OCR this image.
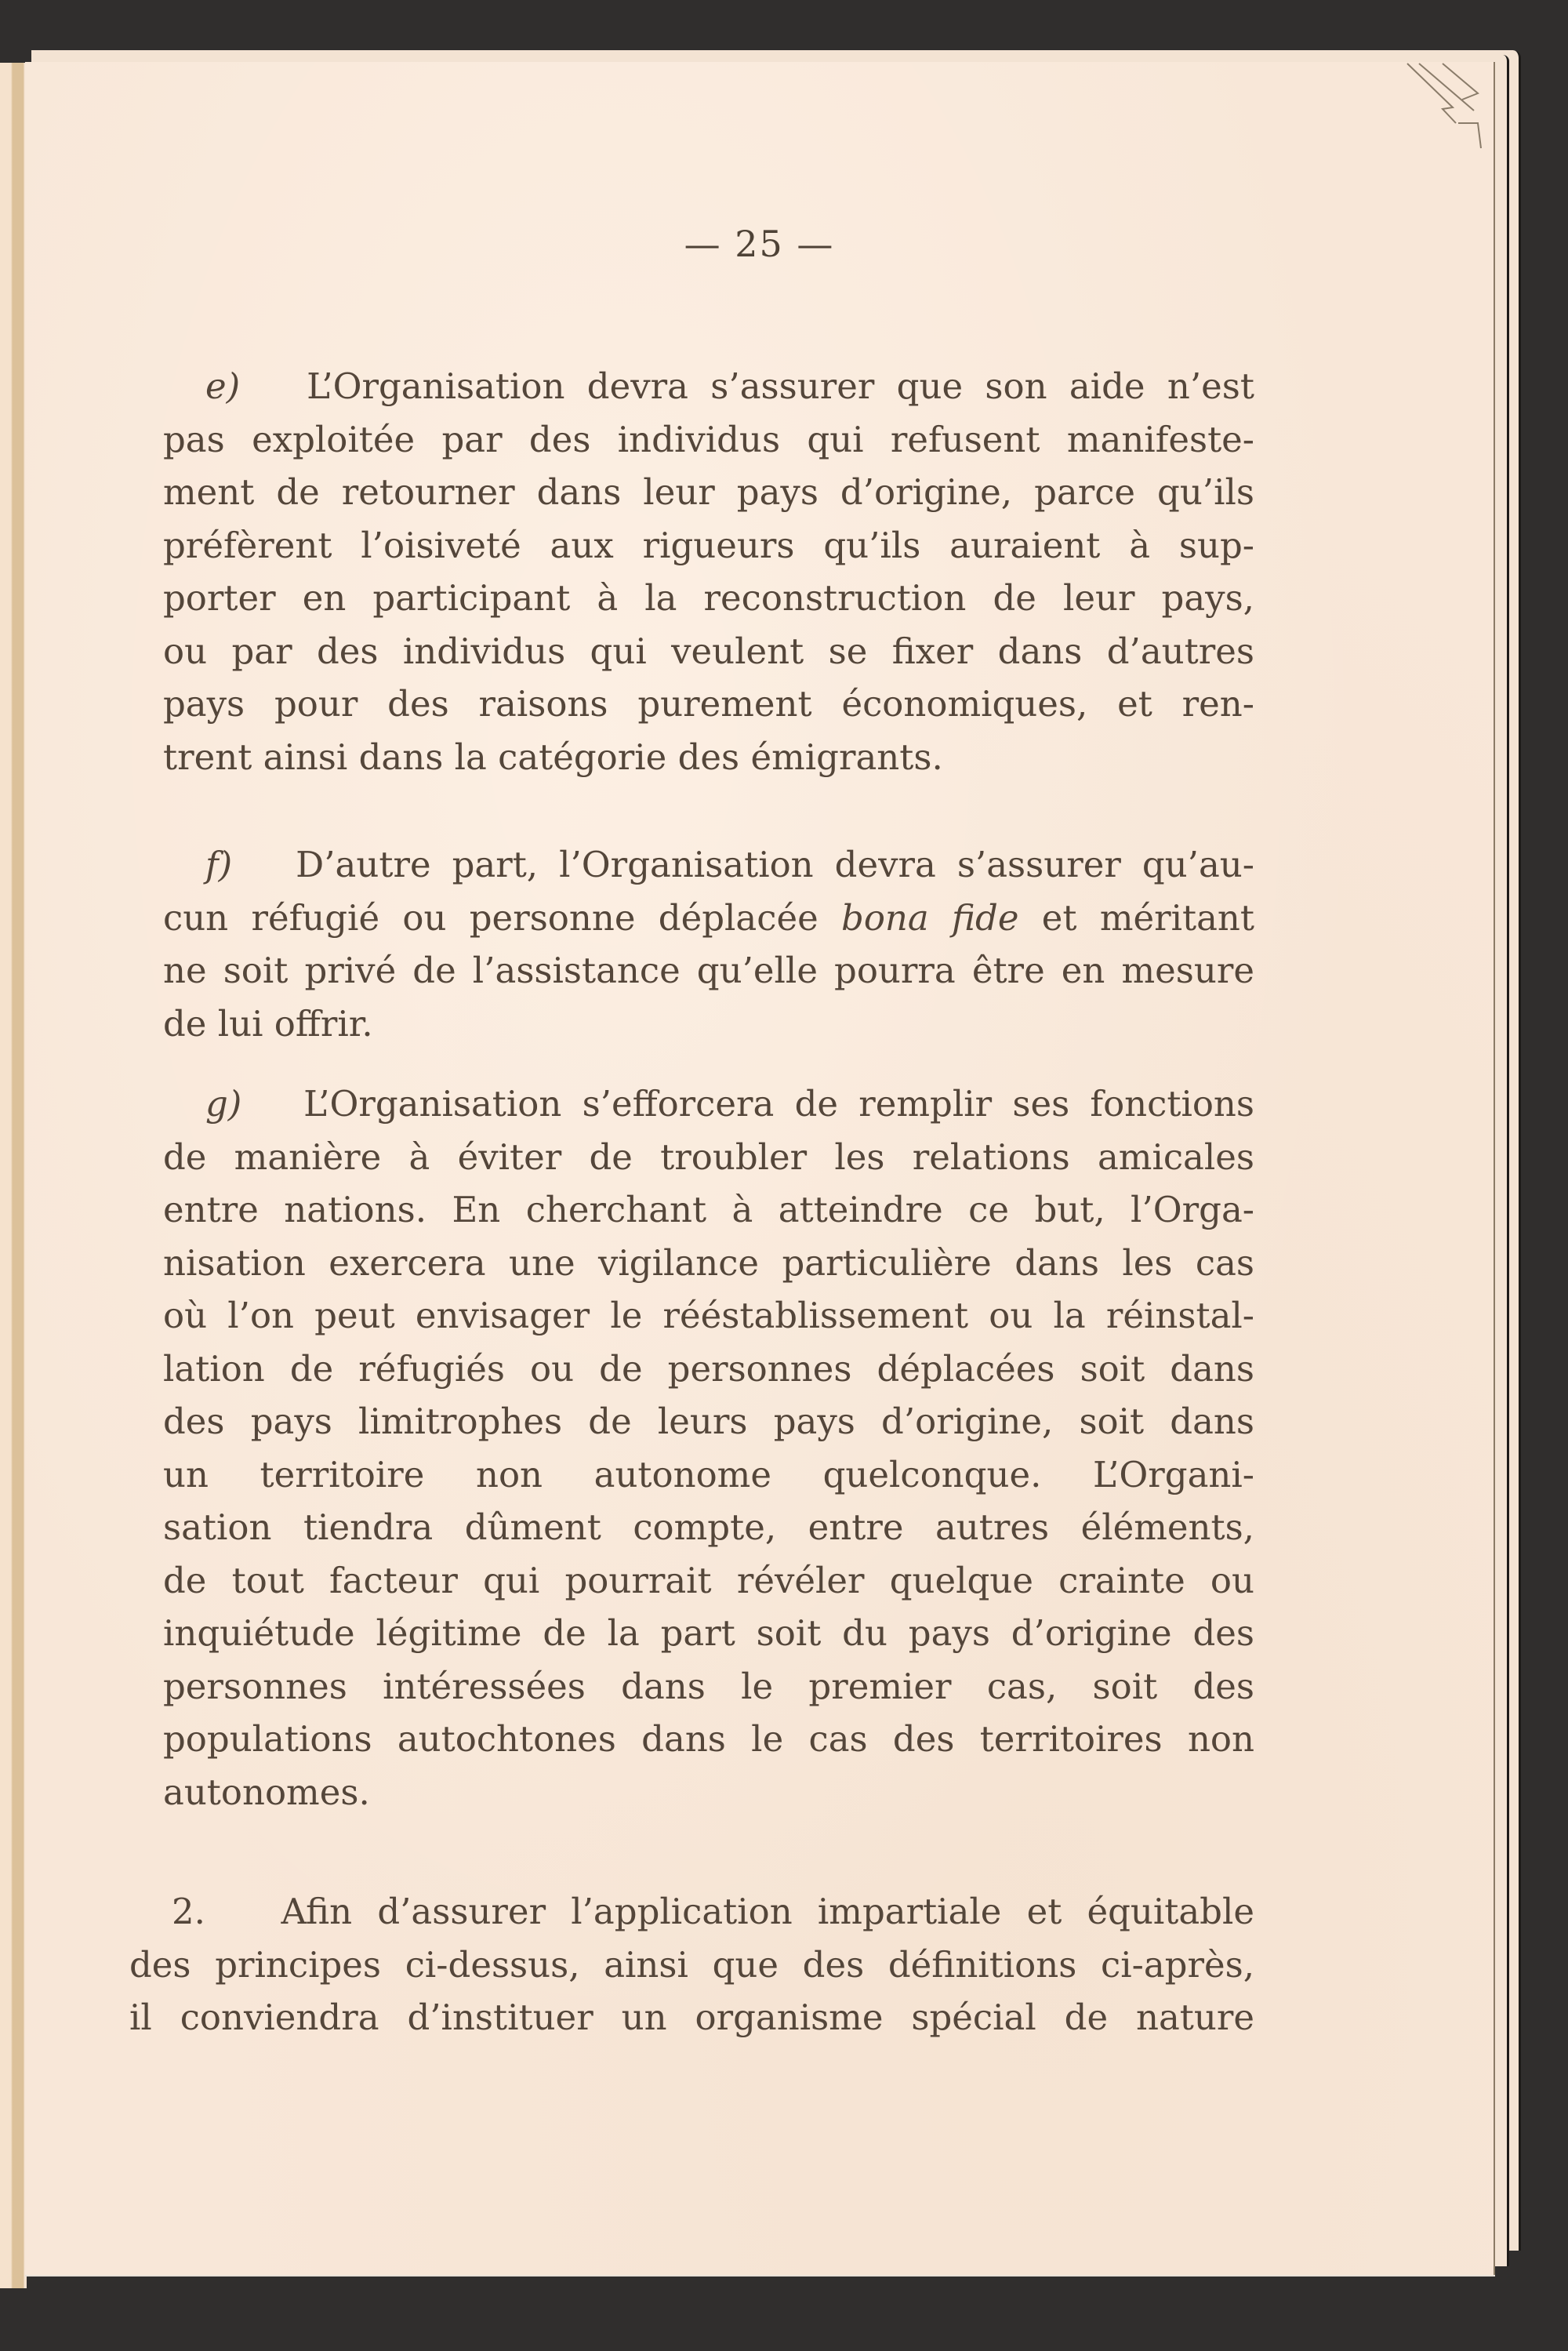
— 25 —
e) L’Organisation devra s’assurer que son aide n’est
pas exploitée par des individus qui refusent manifeste-
ment de retourner dans leur pays d’origine, parce qu’ils
préfèrent l’oisiveté aux rigueurs qu’ils auraient à sup-
porter en participant à la reconstruction de leur pays,
ou par des individus qui veulent se fixer dans d’autres
pays pour des raisons purement économiques, et ren-
trent ainsi dans la catégorie des émigrants.
f) D’autre part, l’Organisation devra s’assurer qu’au-
cun réfugié ou personne déplacée bona fide et méritant
ne soit privé de l’assistance qu’elle pourra être en mesure
de lui offrir.
g) L’Organisation s’efforcera de remplir ses fonctions
de manière à éviter de troubler les relations amicales
entre nations. En cherchant à atteindre ce but, l’Orga-
nisation exercera une vigilance particulière dans les cas
où l’on peut envisager le rééstablissement ou la réinstal-
lation de réfugiés ou de personnes déplacées soit dans
des pays limitrophes de leurs pays d’origine, soit dans
un territoire non autonome quelconque. L’Organi-
sation tiendra dûment compte, entre autres éléments,
de tout facteur qui pourrait révéler quelque crainte ou
inquiétude légitime de la part soit du pays d’origine des
personnes intéressées dans le premier cas, soit des
populations autochtones dans le cas des territoires non
autonomes.
2. Afin d’assurer l’application impartiale et équitable
des principes ci-dessus, ainsi que des définitions ci-après,
il conviendra d’instituer un organisme spécial de nature
